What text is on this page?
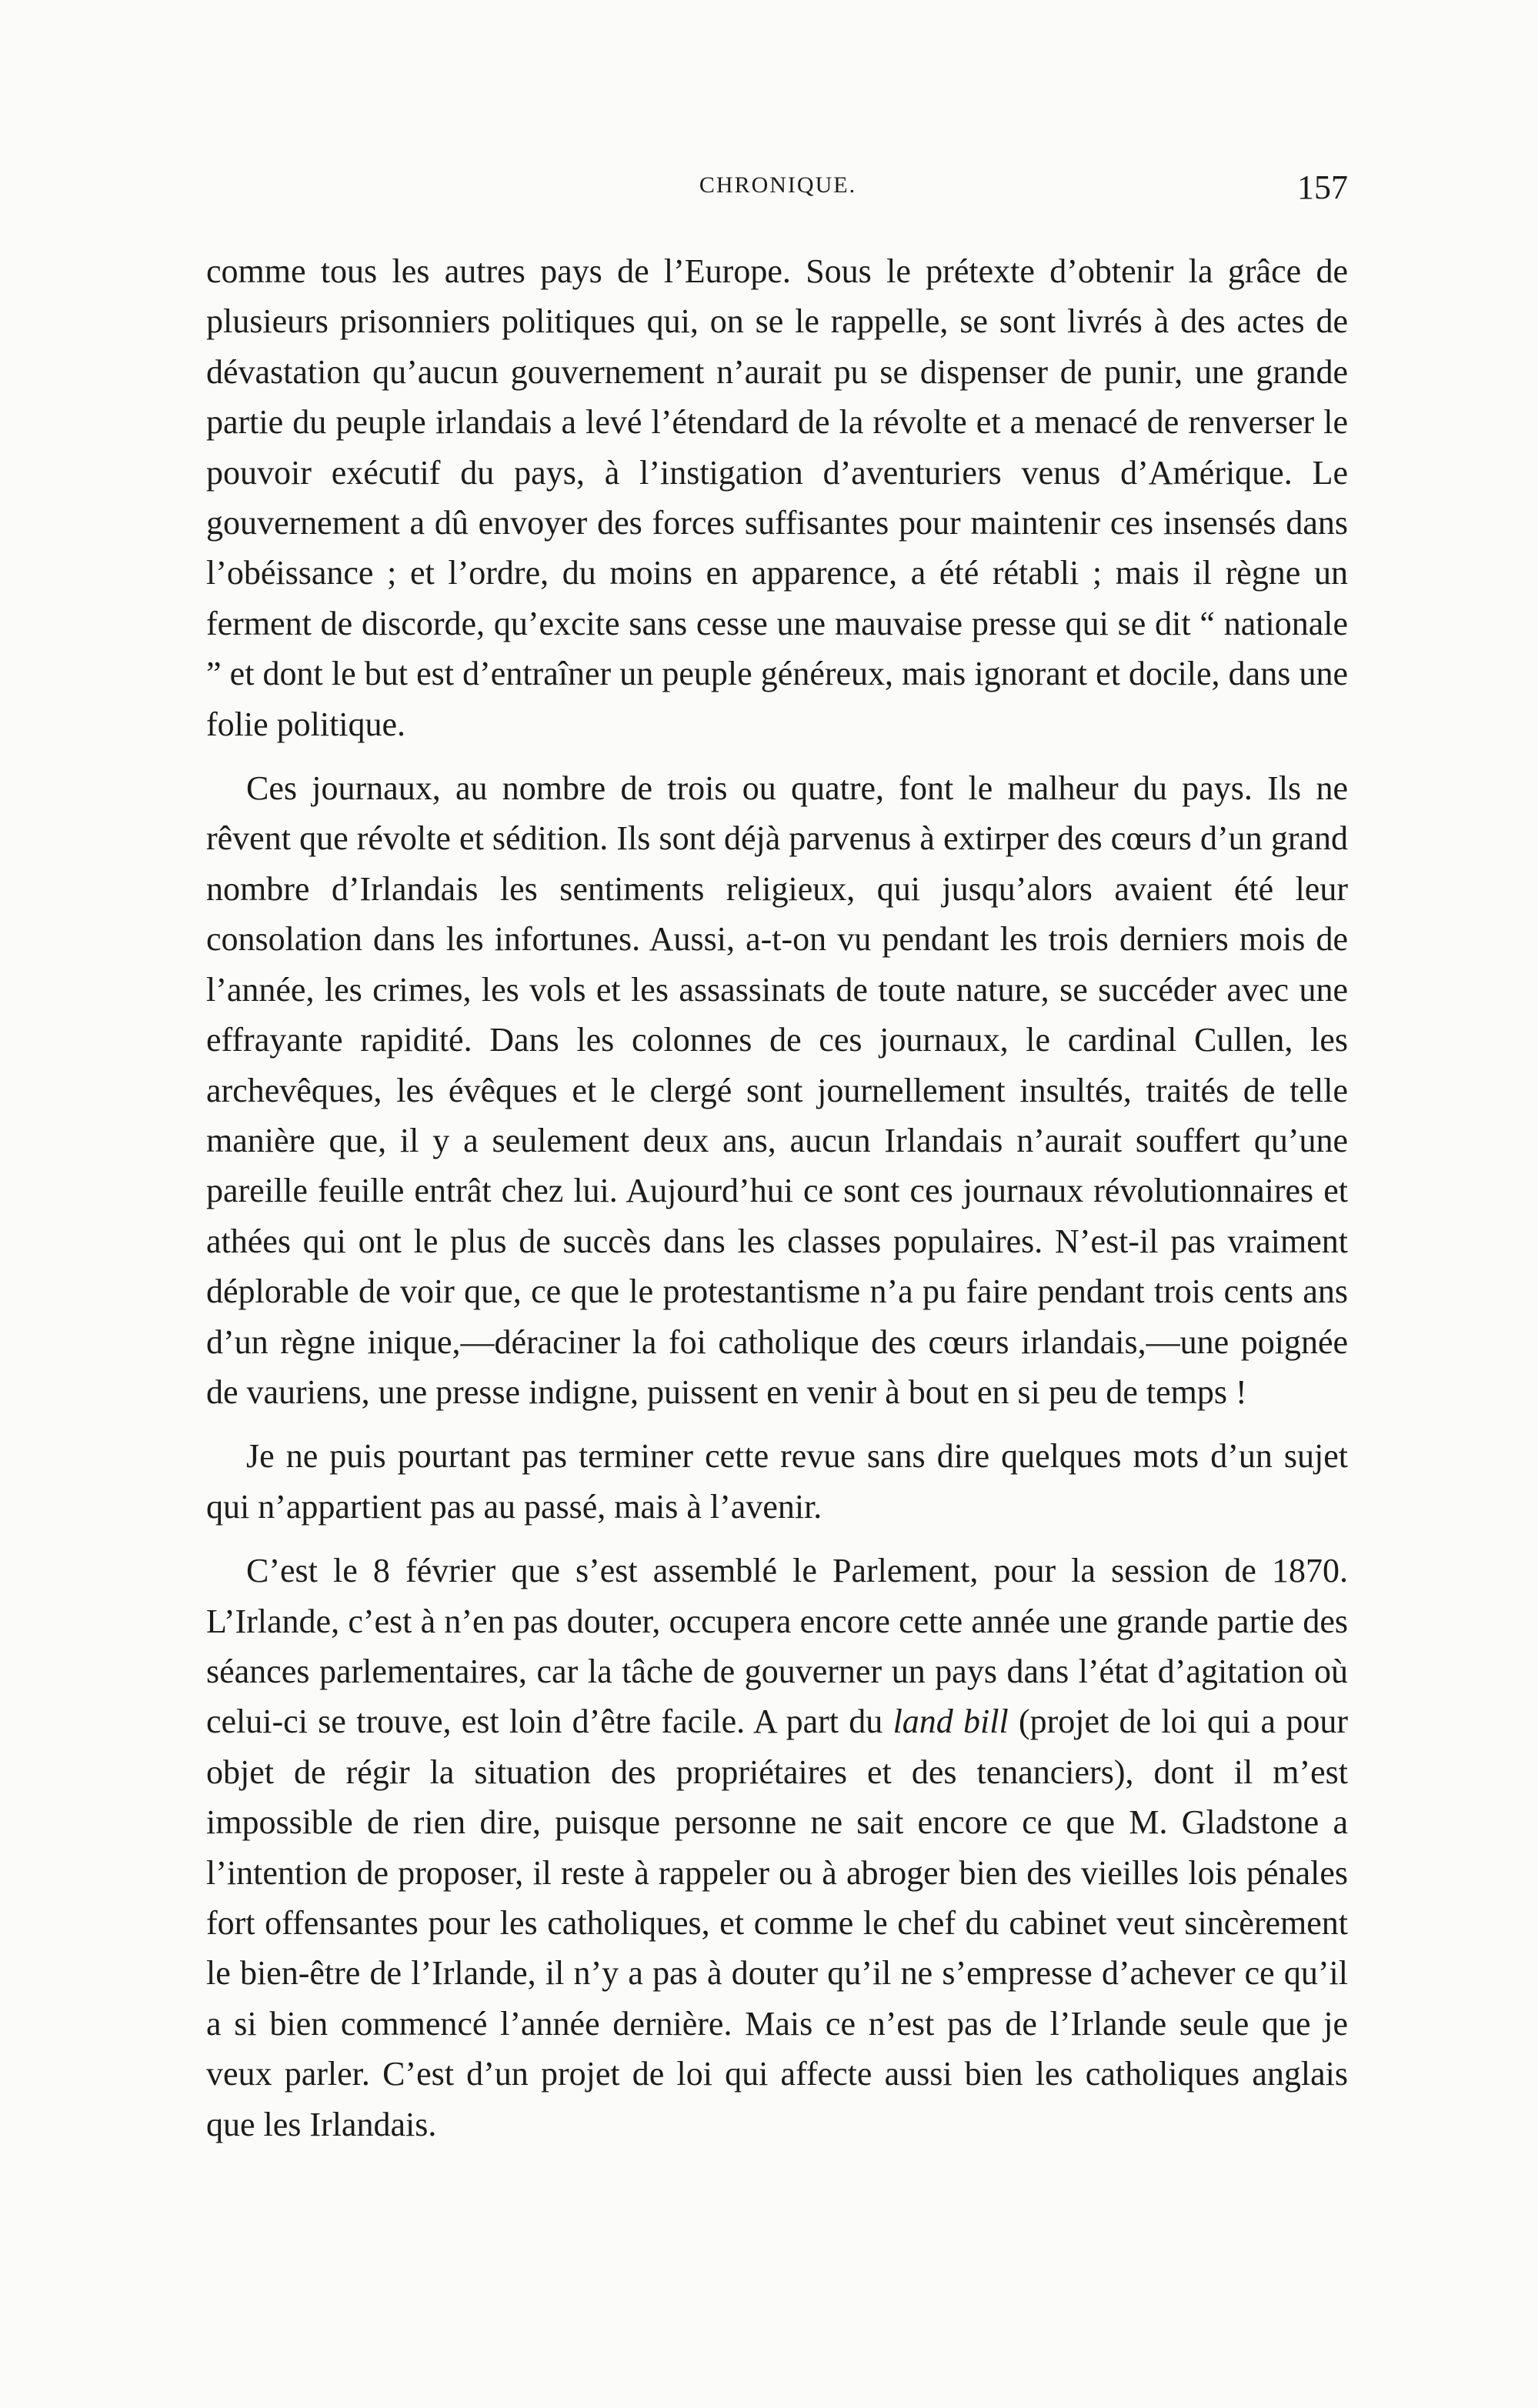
CHRONIQUE.	157

comme tous les autres pays de l’Europe. Sous le prétexte d’obtenir la grâce de plusieurs prisonniers politiques qui, on se le rappelle, se sont livrés à des actes de dévastation qu’aucun gouvernement n’aurait pu se dispenser de punir, une grande partie du peuple irlandais a levé l’étendard de la révolte et a menacé de renverser le pouvoir exécutif du pays, à l’instigation d’aventuriers venus d’Amérique. Le gouvernement a dû envoyer des forces suffisantes pour maintenir ces insensés dans l’obéissance ; et l’ordre, du moins en apparence, a été rétabli ; mais il règne un ferment de discorde, qu’excite sans cesse une mauvaise presse qui se dit “ nationale ” et dont le but est d’entraîner un peuple généreux, mais ignorant et docile, dans une folie politique.

Ces journaux, au nombre de trois ou quatre, font le malheur du pays. Ils ne rêvent que révolte et sédition. Ils sont déjà parvenus à extirper des cœurs d’un grand nombre d’Irlandais les sentiments religieux, qui jusqu’alors avaient été leur consolation dans les infortunes. Aussi, a-t-on vu pendant les trois derniers mois de l’année, les crimes, les vols et les assassinats de toute nature, se succéder avec une effrayante rapidité. Dans les colonnes de ces journaux, le cardinal Cullen, les archevêques, les évêques et le clergé sont journellement insultés, traités de telle manière que, il y a seulement deux ans, aucun Irlandais n’aurait souffert qu’une pareille feuille entrât chez lui. Aujourd’hui ce sont ces journaux révolutionnaires et athées qui ont le plus de succès dans les classes populaires. N’est-il pas vraiment déplorable de voir que, ce que le protestantisme n’a pu faire pendant trois cents ans d’un règne inique,—déraciner la foi catholique des cœurs irlandais,—une poignée de vauriens, une presse indigne, puissent en venir à bout en si peu de temps !

Je ne puis pourtant pas terminer cette revue sans dire quelques mots d’un sujet qui n’appartient pas au passé, mais à l’avenir.

C’est le 8 février que s’est assemblé le Parlement, pour la session de 1870. L’Irlande, c’est à n’en pas douter, occupera encore cette année une grande partie des séances parlementaires, car la tâche de gouverner un pays dans l’état d’agitation où celui-ci se trouve, est loin d’être facile. A part du land bill (projet de loi qui a pour objet de régir la situation des propriétaires et des tenanciers), dont il m’est impossible de rien dire, puisque personne ne sait encore ce que M. Gladstone a l’intention de proposer, il reste à rappeler ou à abroger bien des vieilles lois pénales fort offensantes pour les catholiques, et comme le chef du cabinet veut sincèrement le bien-être de l’Irlande, il n’y a pas à douter qu’il ne s’empresse d’achever ce qu’il a si bien commencé l’année dernière. Mais ce n’est pas de l’Irlande seule que je veux parler. C’est d’un projet de loi qui affecte aussi bien les catholiques anglais que les Irlandais.
